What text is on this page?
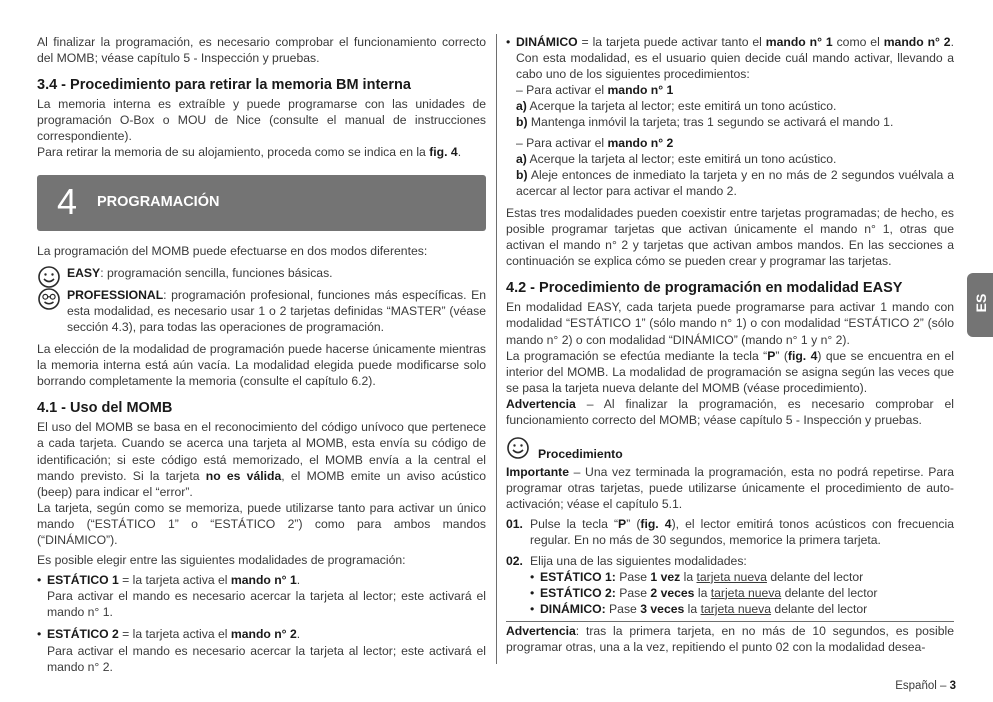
Al finalizar la programación, es necesario comprobar el funcionamiento correcto del MOMB; véase capítulo 5 - Inspección y pruebas.

3.4 - Procedimiento para retirar la memoria BM interna

La memoria interna es extraíble y puede programarse con las unidades de programación O-Box o MOU de Nice (consulte el manual de instrucciones correspondiente).

Para retirar la memoria de su alojamiento, proceda como se indica en la fig. 4.

4 PROGRAMACIÓN

La programación del MOMB puede efectuarse en dos modos diferentes:

EASY: programación sencilla, funciones básicas.

PROFESSIONAL: programación profesional, funciones más específicas. En esta modalidad, es necesario usar 1 o 2 tarjetas definidas “MASTER” (véase sección 4.3), para todas las operaciones de programación.

La elección de la modalidad de programación puede hacerse únicamente mientras la memoria interna está aún vacía. La modalidad elegida puede modificarse solo borrando completamente la memoria (consulte el capítulo 6.2).

4.1 - Uso del MOMB

El uso del MOMB se basa en el reconocimiento del código unívoco que pertenece a cada tarjeta. Cuando se acerca una tarjeta al MOMB, esta envía su código de identificación; si este código está memorizado, el MOMB envía a la central el mando previsto. Si la tarjeta no es válida, el MOMB emite un aviso acústico (beep) para indicar el “error”.

La tarjeta, según como se memoriza, puede utilizarse tanto para activar un único mando (“ESTÁTICO 1” o “ESTÁTICO 2”) como para ambos mandos (“DINÁMICO”).

Es posible elegir entre las siguientes modalidades de programación:

• ESTÁTICO 1 = la tarjeta activa el mando n° 1.

Para activar el mando es necesario acercar la tarjeta al lector; este activará el mando n° 1.

• ESTÁTICO 2 = la tarjeta activa el mando n° 2.

Para activar el mando es necesario acercar la tarjeta al lector; este activará el mando n° 2.

• DINÁMICO = la tarjeta puede activar tanto el mando n° 1 como el mando n° 2. Con esta modalidad, es el usuario quien decide cuál mando activar, llevando a cabo uno de los siguientes procedimientos:

– Para activar el mando n° 1

a) Acerque la tarjeta al lector; este emitirá un tono acústico.

b) Mantenga inmóvil la tarjeta; tras 1 segundo se activará el mando 1.

– Para activar el mando n° 2

a) Acerque la tarjeta al lector; este emitirá un tono acústico.

b) Aleje entonces de inmediato la tarjeta y en no más de 2 segundos vuélvala a acercar al lector para activar el mando 2.

Estas tres modalidades pueden coexistir entre tarjetas programadas; de hecho, es posible programar tarjetas que activan únicamente el mando n° 1, otras que activan el mando n° 2 y tarjetas que activan ambos mandos. En las secciones a continuación se explica cómo se pueden crear y programar las tarjetas.

4.2 - Procedimiento de programación en modalidad EASY

En modalidad EASY, cada tarjeta puede programarse para activar 1 mando con modalidad “ESTÁTICO 1” (sólo mando n° 1) o con modalidad “ESTÁTICO 2” (sólo mando n° 2) o con modalidad “DINÁMICO” (mando n° 1 y n° 2).

La programación se efectúa mediante la tecla “P” (fig. 4) que se encuentra en el interior del MOMB. La modalidad de programación se asigna según las veces que se pasa la tarjeta nueva delante del MOMB (véase procedimiento).

Advertencia – Al finalizar la programación, es necesario comprobar el funcionamiento correcto del MOMB; véase capítulo 5 - Inspección y pruebas.

Procedimiento

Importante – Una vez terminada la programación, esta no podrá repetirse. Para programar otras tarjetas, puede utilizarse únicamente el procedimiento de auto-activación; véase el capítulo 5.1.

01. Pulse la tecla “P” (fig. 4), el lector emitirá tonos acústicos con frecuencia regular. En no más de 30 segundos, memorice la primera tarjeta.

02. Elija una de las siguientes modalidades:

• ESTÁTICO 1: Pase 1 vez la tarjeta nueva delante del lector

• ESTÁTICO 2: Pase 2 veces la tarjeta nueva delante del lector

• DINÁMICO: Pase 3 veces la tarjeta nueva delante del lector

Advertencia: tras la primera tarjeta, en no más de 10 segundos, es posible programar otras, una a la vez, repitiendo el punto 02 con la modalidad desea-

ES
Español – 3
